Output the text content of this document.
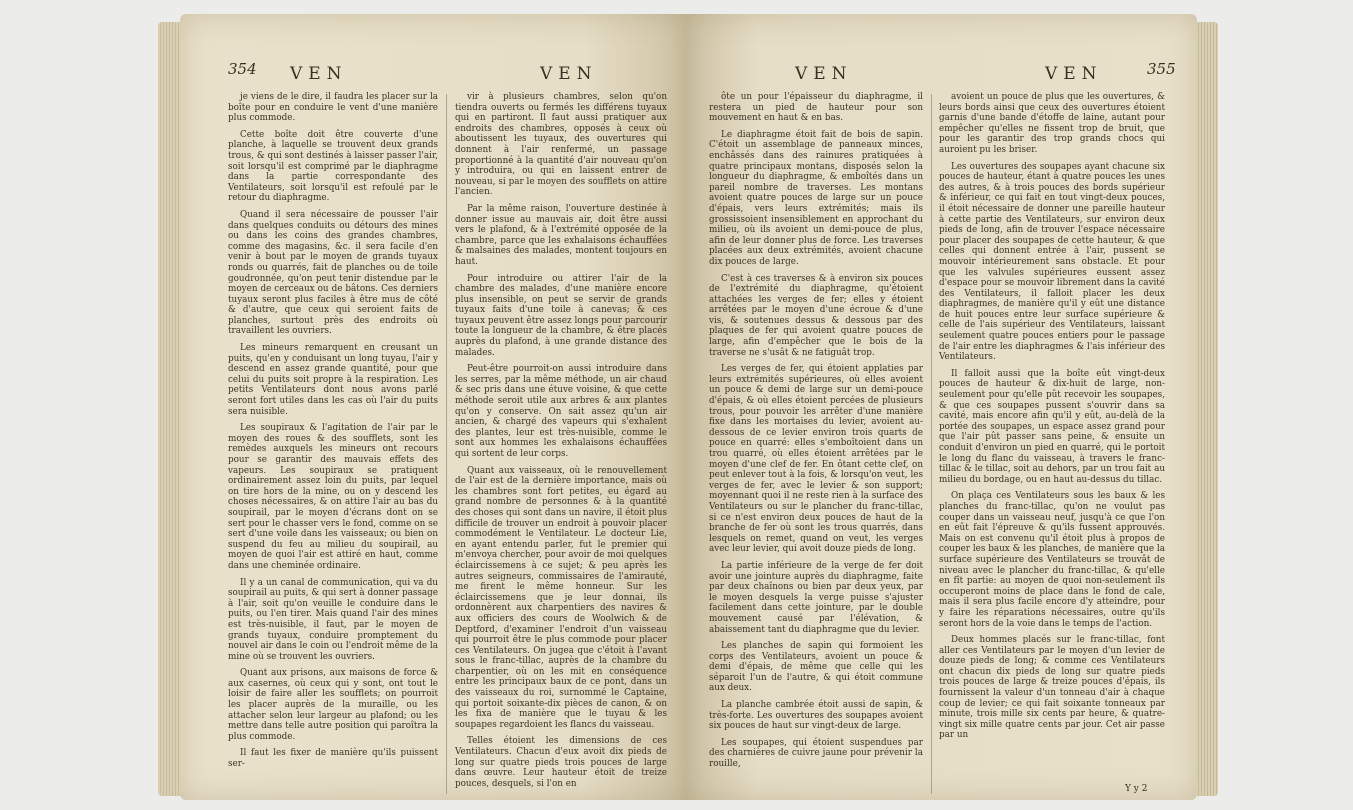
354 VEN	VEN

je viens de le dire, il faudra les placer sur la boîte pour en conduire le vent d'une manière plus commode.

Cette boîte doit être couverte d'une planche, à laquelle se trouvent deux grands trous, & qui sont destinés à laisser passer l'air, soit lorsqu'il est comprimé par le diaphragme dans la partie correspondante des Ventilateurs, soit lorsqu'il est refoulé par le retour du diaphragme.

Quand il sera nécessaire de pousser l'air dans quelques conduits ou détours des mines ou dans les coins des grandes chambres, comme des magasins, &c. il sera facile d'en venir à bout par le moyen de grands tuyaux ronds ou quarrés, fait de planches ou de toile goudronnée, qu'on peut tenir distendue par le moyen de cerceaux ou de bâtons. Ces derniers tuyaux seront plus faciles à être mus de côté & d'autre, que ceux qui seroient faits de planches, surtout près des endroits où travaillent les ouvriers.

Les mineurs remarquent en creusant un puits, qu'en y conduisant un long tuyau, l'air y descend en assez grande quantité, pour que celui du puits soit propre à la respiration. Les petits Ventilateurs dont nous avons parlé seront fort utiles dans les cas où l'air du puits sera nuisible.

Les soupiraux & l'agitation de l'air par le moyen des roues & des soufflets, sont les remèdes auxquels les mineurs ont recours pour se garantir des mauvais effets des vapeurs. Les soupiraux se pratiquent ordinairement assez loin du puits, par lequel on tire hors de la mine, ou on y descend les choses nécessaires, & on attire l'air au bas du soupirail, par le moyen d'écrans dont on se sert pour le chasser vers le fond, comme on se sert d'une voile dans les vaisseaux; ou bien on suspend du feu au milieu du soupirail, au moyen de quoi l'air est attiré en haut, comme dans une cheminée ordinaire.

Il y a un canal de communication, qui va du soupirail au puits, & qui sert à donner passage à l'air, soit qu'on veuille le conduire dans le puits, ou l'en tirer. Mais quand l'air des mines est très-nuisible, il faut, par le moyen de grands tuyaux, conduire promptement du nouvel air dans le coin ou l'endroit même de la mine où se trouvent les ouvriers.

Quant aux prisons, aux maisons de force & aux casernes, où ceux qui y sont, ont tout le loisir de faire aller les soufflets; on pourroit les placer auprès de la muraille, ou les attacher selon leur largeur au plafond; ou les mettre dans telle autre position qui paroîtra la plus commode.

Il faut les fixer de manière qu'ils puissent ser-

vir à plusieurs chambres, selon qu'on tiendra ouverts ou fermés les différens tuyaux qui en partiront. Il faut aussi pratiquer aux endroits des chambres, opposés à ceux où aboutissent les tuyaux, des ouvertures qui donnent à l'air renfermé, un passage proportionné à la quantité d'air nouveau qu'on y introduira, ou qui en laissent entrer de nouveau, si par le moyen des soufflets on attire l'ancien.

Par la même raison, l'ouverture destinée à donner issue au mauvais air, doit être aussi vers le plafond, & à l'extrémité opposée de la chambre, parce que les exhalaisons échauffées & malsaines des malades, montent toujours en haut.

Pour introduire ou attirer l'air de la chambre des malades, d'une manière encore plus insensible, on peut se servir de grands tuyaux faits d'une toile à canevas; & ces tuyaux peuvent être assez longs pour parcourir toute la longueur de la chambre, & être placés auprès du plafond, à une grande distance des malades.

Peut-être pourroit-on aussi introduire dans les serres, par la même méthode, un air chaud & sec pris dans une étuve voisine, & que cette méthode seroit utile aux arbres & aux plantes qu'on y conserve. On sait assez qu'un air ancien, & chargé des vapeurs qui s'exhalent des plantes, leur est très-nuisible, comme le sont aux hommes les exhalaisons échauffées qui sortent de leur corps.

Quant aux vaisseaux, où le renouvellement de l'air est de la dernière importance, mais où les chambres sont fort petites, eu égard au grand nombre de personnes & à la quantité des choses qui sont dans un navire, il étoit plus difficile de trouver un endroit à pouvoir placer commodément le Ventilateur. Le docteur Lie, en ayant entendu parler, fut le premier qui m'envoya chercher, pour avoir de moi quelques éclaircissemens à ce sujet; & peu après les autres seigneurs, commissaires de l'amirauté, me firent le même honneur. Sur les éclaircissemens que je leur donnai, ils ordonnèrent aux charpentiers des navires & aux officiers des cours de Woolwich & de Deptford, d'examiner l'endroit d'un vaisseau qui pourroit être le plus commode pour placer ces Ventilateurs. On jugea que c'étoit à l'avant sous le franc-tillac, auprès de la chambre du charpentier, où on les mit en conséquence entre les principaux baux de ce pont, dans un des vaisseaux du roi, surnommé le Captaine, qui portoit soixante-dix pièces de canon, & on les fixa de manière que le tuyau & les soupapes regardoient les flancs du vaisseau.

Telles étoient les dimensions de ces Ventilateurs. Chacun d'eux avoit dix pieds de long sur quatre pieds trois pouces de large dans œuvre. Leur hauteur étoit de treize pouces, desquels, si l'on en

VEN	VEN	355

ôte un pour l'épaisseur du diaphragme, il restera un pied de hauteur pour son mouvement en haut & en bas.

Le diaphragme étoit fait de bois de sapin. C'étoit un assemblage de panneaux minces, enchâssés dans des rainures pratiquées à quatre principaux montans, disposés selon la longueur du diaphragme, & emboîtés dans un pareil nombre de traverses. Les montans avoient quatre pouces de large sur un pouce d'épais, vers leurs extrémités; mais ils grossissoient insensiblement en approchant du milieu, où ils avoient un demi-pouce de plus, afin de leur donner plus de force. Les traverses placées aux deux extrémités, avoient chacune dix pouces de large.

C'est à ces traverses & à environ six pouces de l'extrémité du diaphragme, qu'étoient attachées les verges de fer; elles y étoient arrêtées par le moyen d'une écroue & d'une vis, & soutenues dessus & dessous par des plaques de fer qui avoient quatre pouces de large, afin d'empêcher que le bois de la traverse ne s'usât & ne fatiguât trop.

Les verges de fer, qui étoient applaties par leurs extrémités supérieures, où elles avoient un pouce & demi de large sur un demi-pouce d'épais, & où elles étoient percées de plusieurs trous, pour pouvoir les arrêter d'une manière fixe dans les mortaises du levier, avoient au-dessous de ce levier environ trois quarts de pouce en quarré: elles s'emboîtoient dans un trou quarré, où elles étoient arrêtées par le moyen d'une clef de fer. En ôtant cette clef, on peut enlever tout à la fois, & lorsqu'on veut, les verges de fer, avec le levier & son support; moyennant quoi il ne reste rien à la surface des Ventilateurs ou sur le plancher du franc-tillac, si ce n'est environ deux pouces de haut de la branche de fer où sont les trous quarrés, dans lesquels on remet, quand on veut, les verges avec leur levier, qui avoit douze pieds de long.

La partie inférieure de la verge de fer doit avoir une jointure auprès du diaphragme, faite par deux chaînons ou bien par deux yeux, par le moyen desquels la verge puisse s'ajuster facilement dans cette jointure, par le double mouvement causé par l'élévation, & abaissement tant du diaphragme que du levier.

Les planches de sapin qui formoient les corps des Ventilateurs, avoient un pouce & demi d'épais, de même que celle qui les séparoit l'un de l'autre, & qui étoit commune aux deux.

La planche cambrée étoit aussi de sapin, & très-forte. Les ouvertures des soupapes avoient six pouces de haut sur vingt-deux de large.

Les soupapes, qui étoient suspendues par des charnières de cuivre jaune pour prévenir la rouille,

avoient un pouce de plus que les ouvertures, & leurs bords ainsi que ceux des ouvertures étoient garnis d'une bande d'étoffe de laine, autant pour empêcher qu'elles ne fissent trop de bruit, que pour les garantir des trop grands chocs qui auroient pu les briser.

Les ouvertures des soupapes ayant chacune six pouces de hauteur, étant à quatre pouces les unes des autres, & à trois pouces des bords supérieur & inférieur, ce qui fait en tout vingt-deux pouces, il étoit nécessaire de donner une pareille hauteur à cette partie des Ventilateurs, sur environ deux pieds de long, afin de trouver l'espace nécessaire pour placer des soupapes de cette hauteur, & que celles qui donnent entrée à l'air, pussent se mouvoir intérieurement sans obstacle. Et pour que les valvules supérieures eussent assez d'espace pour se mouvoir librement dans la cavité des Ventilateurs, il falloit placer les deux diaphragmes, de manière qu'il y eût une distance de huit pouces entre leur surface supérieure & celle de l'ais supérieur des Ventilateurs, laissant seulement quatre pouces entiers pour le passage de l'air entre les diaphragmes & l'ais inférieur des Ventilateurs.

Il falloit aussi que la boîte eût vingt-deux pouces de hauteur & dix-huit de large, non-seulement pour qu'elle pût recevoir les soupapes, & que ces soupapes pussent s'ouvrir dans sa cavité, mais encore afin qu'il y eût, au-delà de la portée des soupapes, un espace assez grand pour que l'air pût passer sans peine, & ensuite un conduit d'environ un pied en quarré, qui le portoit le long du flanc du vaisseau, à travers le franc-tillac & le tillac, soit au dehors, par un trou fait au milieu du bordage, ou en haut au-dessus du tillac.

On plaça ces Ventilateurs sous les baux & les planches du franc-tillac, qu'on ne voulut pas couper dans un vaisseau neuf, jusqu'à ce que l'on en eût fait l'épreuve & qu'ils fussent approuvés. Mais on est convenu qu'il étoit plus à propos de couper les baux & les planches, de manière que la surface supérieure des Ventilateurs se trouvât de niveau avec le plancher du franc-tillac, & qu'elle en fît partie: au moyen de quoi non-seulement ils occuperont moins de place dans le fond de cale, mais il sera plus facile encore d'y atteindre, pour y faire les réparations nécessaires, outre qu'ils seront hors de la voie dans le temps de l'action.

Deux hommes placés sur le franc-tillac, font aller ces Ventilateurs par le moyen d'un levier de douze pieds de long; & comme ces Ventilateurs ont chacun dix pieds de long sur quatre pieds trois pouces de large & treize pouces d'épais, ils fournissent la valeur d'un tonneau d'air à chaque coup de levier; ce qui fait soixante tonneaux par minute, trois mille six cents par heure, & quatre-vingt six mille quatre cents par jour. Cet air passe par un

Y y 2
